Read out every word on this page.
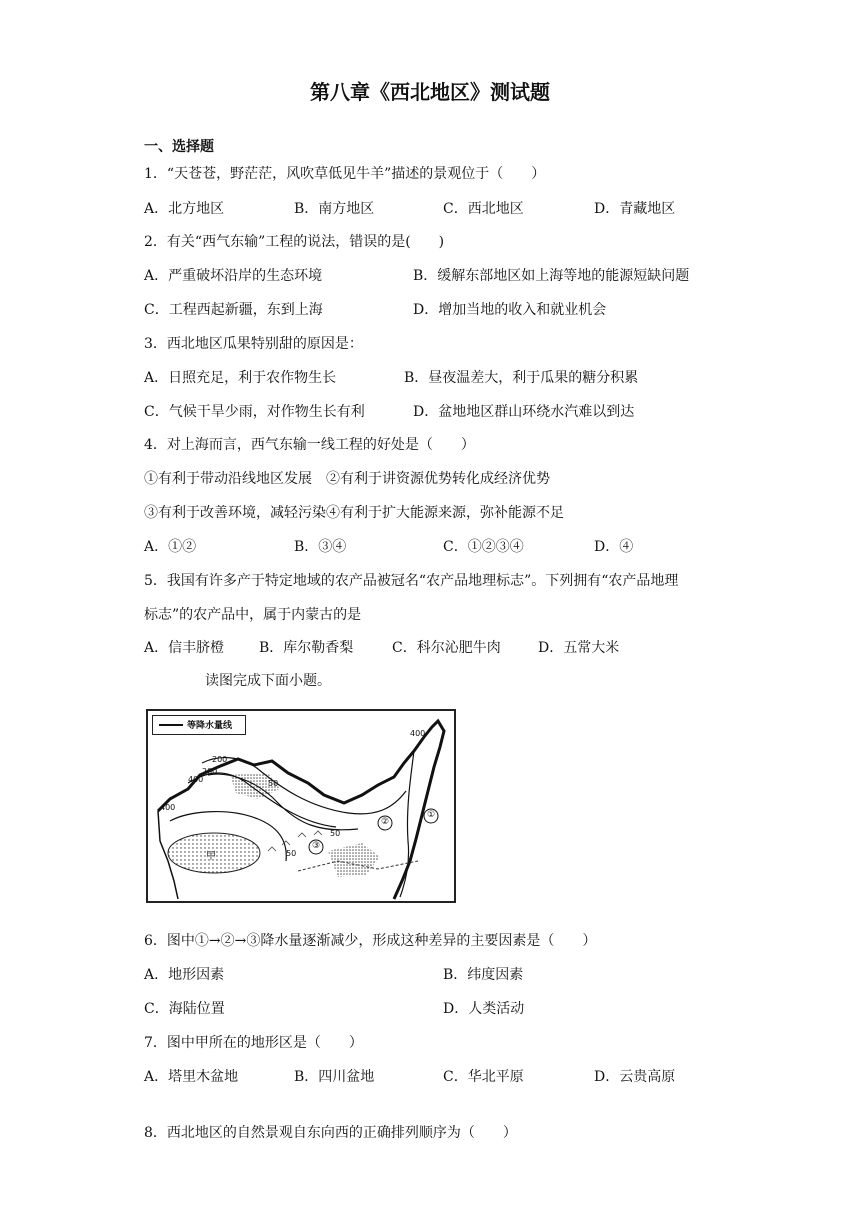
第八章《西北地区》测试题
一、选择题
1．“天苍苍，野茫茫，风吹草低见牛羊”描述的景观位于（　　）
A．北方地区	B．南方地区	C．西北地区	D．青藏地区
2．有关“西气东输”工程的说法，错误的是(　　)
A．严重破坏沿岸的生态环境	B．缓解东部地区如上海等地的能源短缺问题
C．工程西起新疆，东到上海	D．增加当地的收入和就业机会
3．西北地区瓜果特别甜的原因是：
A．日照充足，利于农作物生长	B．昼夜温差大，利于瓜果的糖分积累
C．气候干旱少雨，对作物生长有利	D．盆地地区群山环绕水汽难以到达
4．对上海而言，西气东输一线工程的好处是（　　）
①有利于带动沿线地区发展　②有利于讲资源优势转化成经济优势
③有利于改善环境，减轻污染④有利于扩大能源来源，弥补能源不足
A．①②	B．③④	C．①②③④	D．④
5．我国有许多产于特定地域的农产品被冠名“农产品地理标志”。下列拥有“农产品地理
标志”的农产品中，属于内蒙古的是
A．信丰脐橙 B．库尔勒香梨	C．科尔沁肥牛肉	D．五常大米
读图完成下面小题。
等降水量线
400
200
200
400
400
50
50
50
甲
①
②
③
6．图中①→②→③降水量逐渐减少，形成这种差异的主要因素是（　　）
A．地形因素	B．纬度因素
C．海陆位置	D．人类活动
7．图中甲所在的地形区是（　　）
A．塔里木盆地	B．四川盆地	C．华北平原	D．云贵高原
8．西北地区的自然景观自东向西的正确排列顺序为（　　）
